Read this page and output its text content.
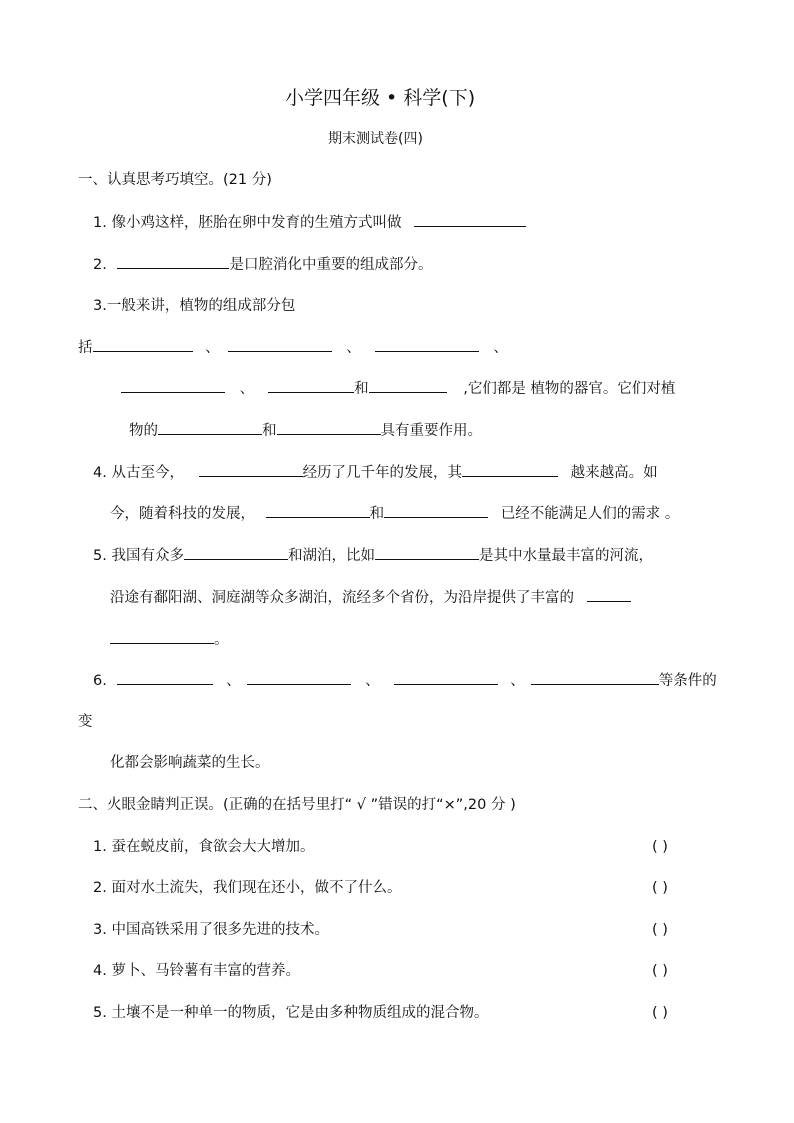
小学四年级 • 科学(下)
期末测试卷(四)
一、认真思考巧填空。(21 分)
1. 像小鸡这样，胚胎在卵中发育的生殖方式叫做
2.	是口腔消化中重要的组成部分。
3.一般来讲，植物的组成部分包
括	、	、	、
、	和	,它们都是 植物的器官。它们对植
物的	和	具有重要作用。
4. 从古至今，	经历了几千年的发展，其	越来越高。如
今，随着科技的发展，	和	已经不能满足人们的需求 。
5. 我国有众多	和湖泊，比如	是其中水量最丰富的河流，
沿途有鄱阳湖、洞庭湖等众多湖泊，流经多个省份，为沿岸提供了丰富的
。
6.	、	、	、	等条件的
变
化都会影响蔬菜的生长。
二、火眼金睛判正误。(正确的在括号里打“ √ ”错误的打“×”,20 分 )
1. 蚕在蜕皮前，食欲会大大增加。	( )
2. 面对水土流失，我们现在还小，做不了什么。	( )
3. 中国高铁采用了很多先进的技术。	( )
4. 萝卜、马铃薯有丰富的营养。	( )
5. 土壤不是一种单一的物质，它是由多种物质组成的混合物。	( )
